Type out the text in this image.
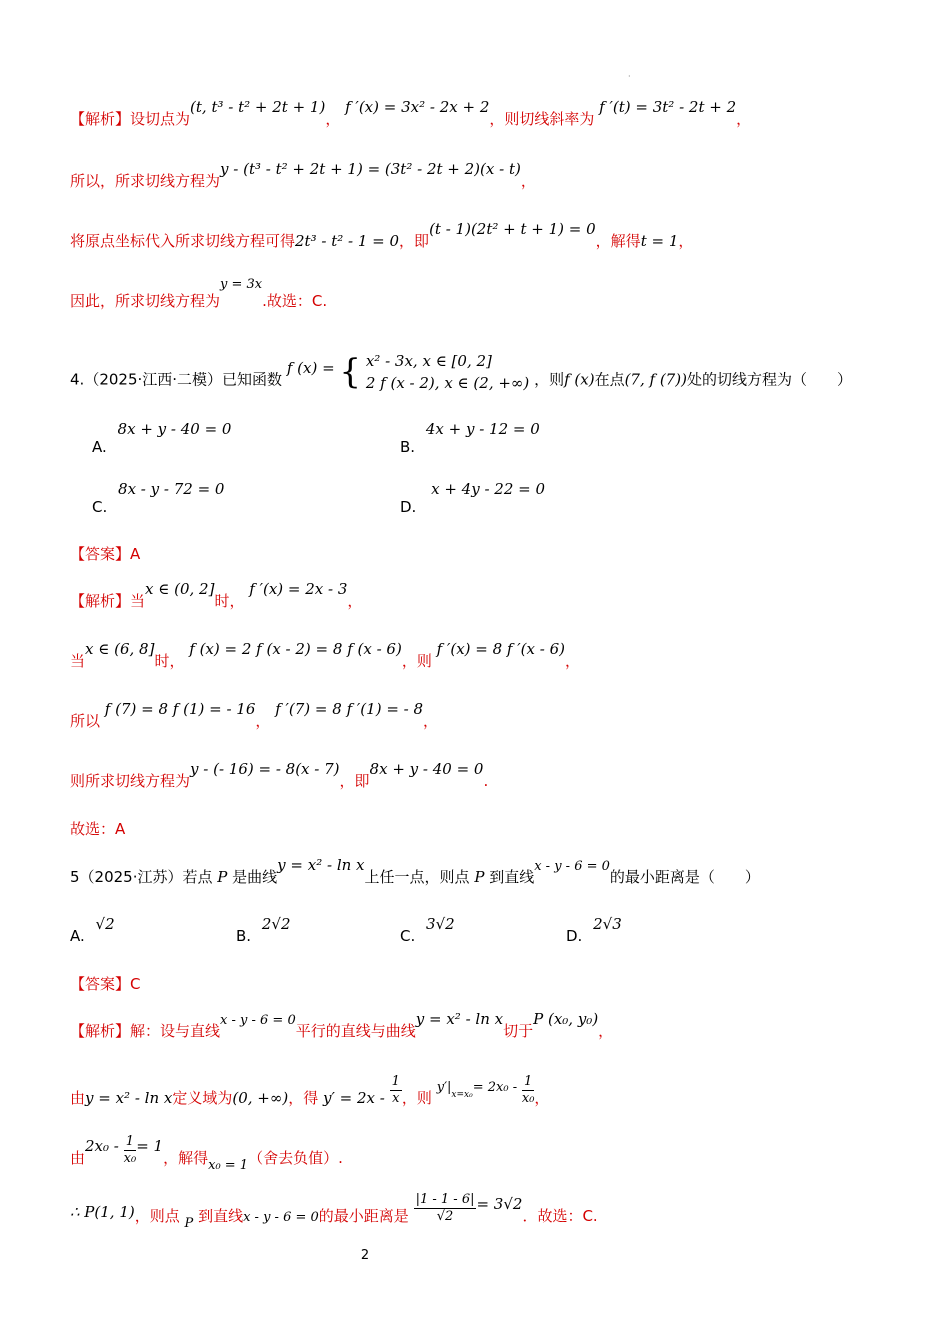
·
【解析】设切点为(t, t³ - t² + 2t + 1)， f ′(x) = 3x² - 2x + 2，则切线斜率为 f ′(t) = 3t² - 2t + 2，
所以，所求切线方程为y - (t³ - t² + 2t + 1) = (3t² - 2t + 2)(x - t)，
将原点坐标代入所求切线方程可得2t³ - t² - 1 = 0，即(t - 1)(2t² + t + 1) = 0，解得t = 1，
因此，所求切线方程为y = 3x.故选：C.
4.（2025·江西·二模）已知函数 f (x) = { x² - 3x, x ∈ [0, 2]
2 f (x - 2), x ∈ (2, +∞) ，则f (x)在点(7, f (7))处的切线方程为（　　）
A. 8x + y - 40 = 0
B. 4x + y - 12 = 0
C. 8x - y - 72 = 0
D. x + 4y - 22 = 0
【答案】A
【解析】当x ∈ (0, 2]时， f ′(x) = 2x - 3，
当x ∈ (6, 8]时， f (x) = 2 f (x - 2) = 8 f (x - 6)，则 f ′(x) = 8 f ′(x - 6)，
所以 f (7) = 8 f (1) = - 16， f ′(7) = 8 f ′(1) = - 8，
则所求切线方程为y - (- 16) = - 8(x - 7)，即8x + y - 40 = 0.
故选：A
5（2025·江苏）若点 P 是曲线y = x² - ln x上任一点，则点 P 到直线x - y - 6 = 0的最小距离是（　　）
A. √2
B. 2√2
C. 3√2
D. 2√3
【答案】C
【解析】解：设与直线x - y - 6 = 0平行的直线与曲线y = x² - ln x切于P (x₀, y₀)，
由y = x² - ln x定义域为(0, +∞)，得 $y' = 2x - \frac{1}{x}$ ，则 $y'|^{x=x_0}= 2x_0 - \frac{1}{\text{x₀}}$ ，
由$2x_0 - \frac{1}{\text{x₀}} = 1$，解得x₀ = 1（舍去负值）.
∴ P(1, 1)，则点 P 到直线x - y - 6 = 0的最小距离是 $\frac{|1 - 1 - 6|}{√2} = 3√2$．故选：C.
2
